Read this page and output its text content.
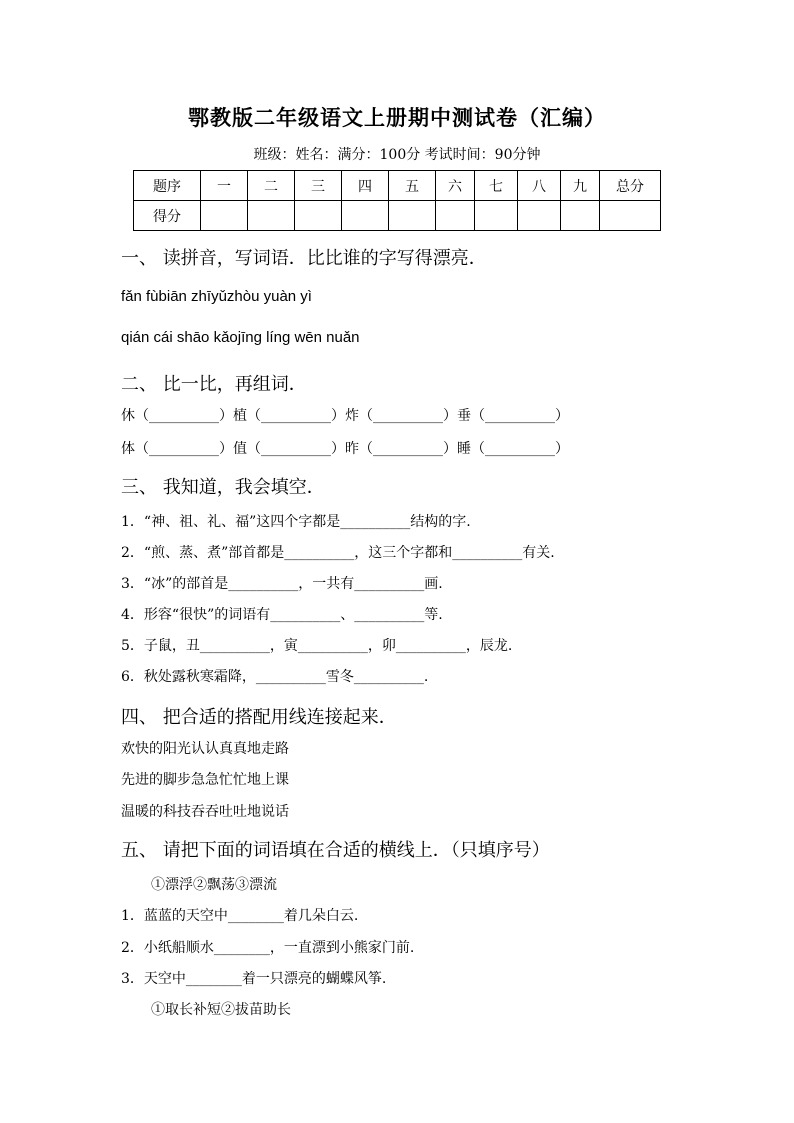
鄂教版二年级语文上册期中测试卷（汇编）
班级：姓名：满分：100分 考试时间：90分钟
题序	一	二	三	四	五	六	七	八	九	总分
得分										
一、 读拼音，写词语．比比谁的字写得漂亮．
fǎn fùbiān zhīyǔzhòu yuàn yì
qián cái shāo kǎojīng líng wēn nuǎn
二、 比一比，再组词．
休（__________）植（__________）炸（__________）垂（__________）
体（__________）值（__________）昨（__________）睡（__________）
三、 我知道，我会填空．
1．“神、祖、礼、福”这四个字都是__________结构的字.
2．“煎、蒸、煮”部首都是__________，这三个字都和__________有关.
3．“冰”的部首是__________，一共有__________画.
4．形容“很快”的词语有__________、__________等.
5．子鼠，丑__________，寅__________，卯__________，辰龙.
6．秋处露秋寒霜降，__________雪冬__________.
四、 把合适的搭配用线连接起来．
欢快的阳光认认真真地走路
先进的脚步急急忙忙地上课
温暖的科技吞吞吐吐地说话
五、 请把下面的词语填在合适的横线上．（只填序号）
①漂浮②飘荡③漂流
1．蓝蓝的天空中________着几朵白云.
2．小纸船顺水________，一直漂到小熊家门前.
3．天空中________着一只漂亮的蝴蝶风筝.
①取长补短②拔苗助长
